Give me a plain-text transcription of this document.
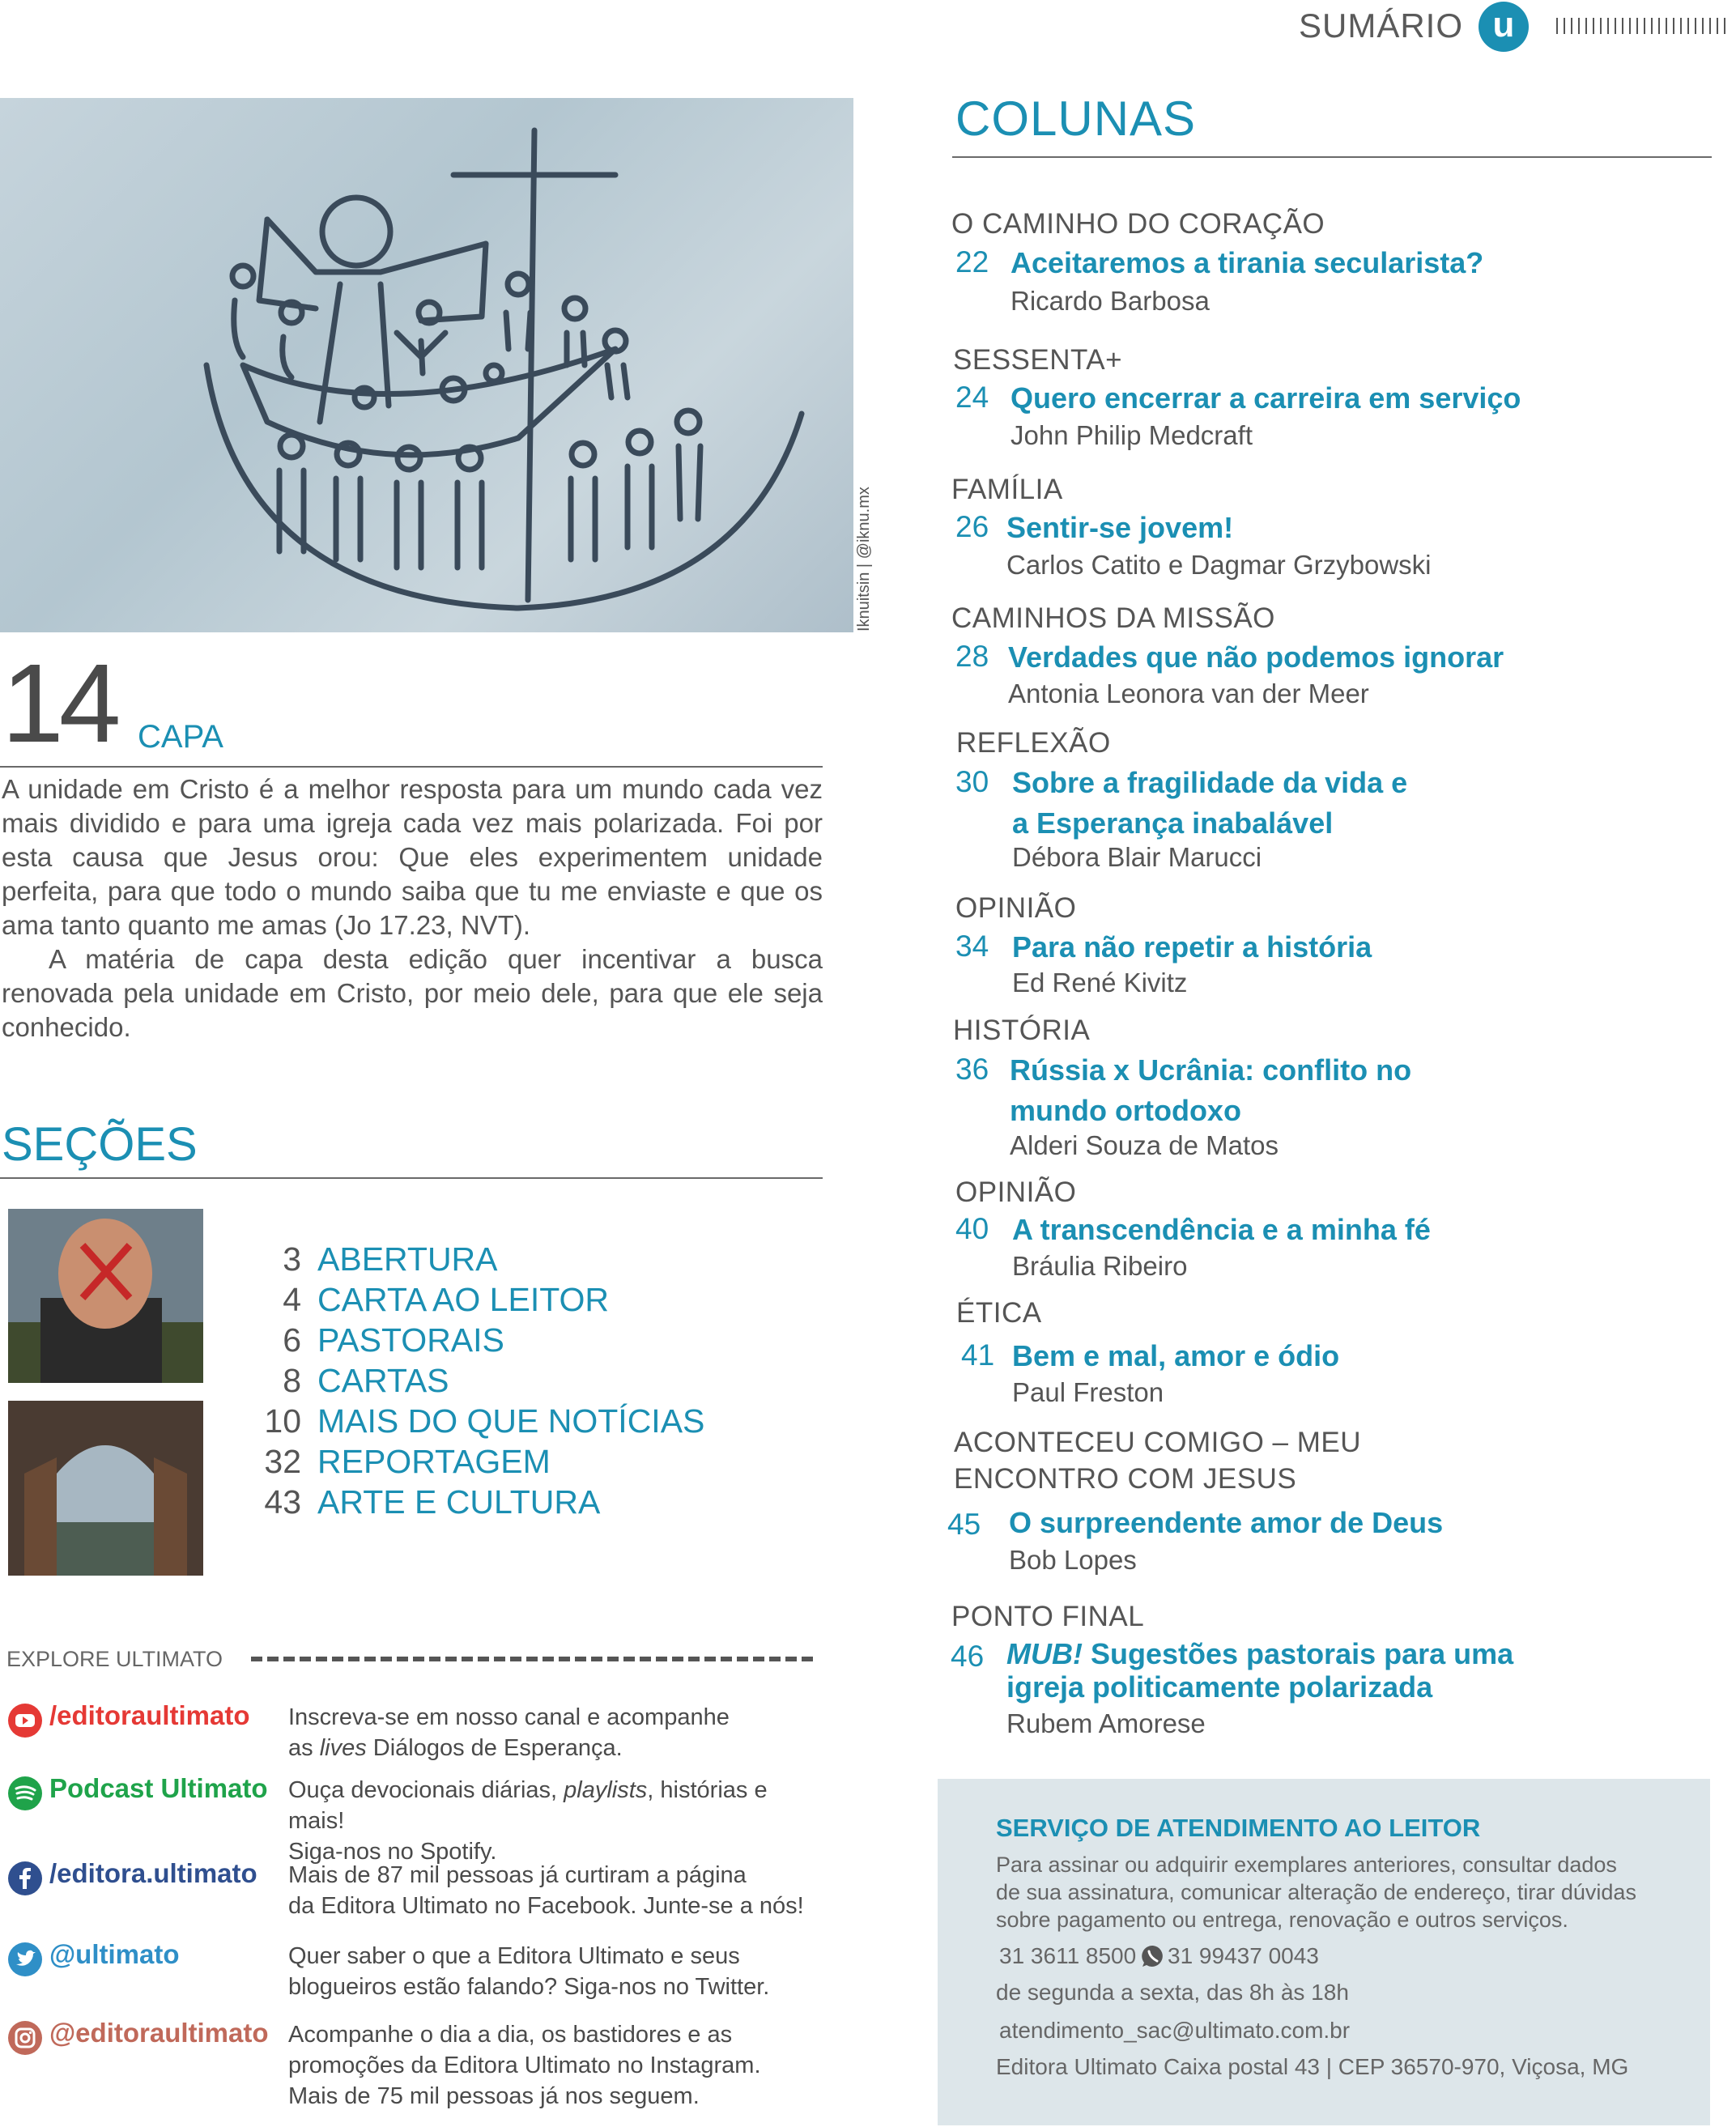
SUMÁRIO u
Iknuitsin | @iknu.mx
14 CAPA

A unidade em Cristo é a melhor resposta para um mundo cada vez mais dividido e para uma igreja cada vez mais polarizada. Foi por esta causa que Jesus orou: Que eles experimentem unidade perfeita, para que todo o mundo saiba que tu me enviaste e que os ama tanto quanto me amas (Jo 17.23, NVT).

A matéria de capa desta edição quer incentivar a busca renovada pela unidade em Cristo, por meio dele, para que ele seja conhecido.

SEÇÕES
3 ABERTURA
4 CARTA AO LEITOR
6 PASTORAIS
8 CARTAS
10 MAIS DO QUE NOTÍCIAS
32 REPORTAGEM
43 ARTE E CULTURA
EXPLORE ULTIMATO
/editoraultimato Inscreva-se em nosso canal e acompanhe
as lives Diálogos de Esperança.
Podcast Ultimato Ouça devocionais diárias, playlists, histórias e mais!
Siga-nos no Spotify.
/editora.ultimato Mais de 87 mil pessoas já curtiram a página
da Editora Ultimato no Facebook. Junte-se a nós!
@ultimato	Quer saber o que a Editora Ultimato e seus
blogueiros estão falando? Siga-nos no Twitter.
@editoraultimato Acompanhe o dia a dia, os bastidores e as
promoções da Editora Ultimato no Instagram.
Mais de 75 mil pessoas já nos seguem.
COLUNAS
O CAMINHO DO CORAÇÃO
22 Aceitaremos a tirania secularista?
Ricardo Barbosa
SESSENTA+
24 Quero encerrar a carreira em serviço
John Philip Medcraft
FAMÍLIA
26 Sentir-se jovem!
Carlos Catito e Dagmar Grzybowski
CAMINHOS DA MISSÃO
28 Verdades que não podemos ignorar
Antonia Leonora van der Meer
REFLEXÃO
30 Sobre a fragilidade da vida e
a Esperança inabalável
Débora Blair Marucci
OPINIÃO
34 Para não repetir a história
Ed René Kivitz
HISTÓRIA
36 Rússia x Ucrânia: conflito no
mundo ortodoxo
Alderi Souza de Matos
OPINIÃO
40 A transcendência e a minha fé
Bráulia Ribeiro
ÉTICA
41 Bem e mal, amor e ódio
Paul Freston
ACONTECEU COMIGO – MEU
ENCONTRO COM JESUS
45 O surpreendente amor de Deus
Bob Lopes
PONTO FINAL
46 MUB! Sugestões pastorais para uma
igreja politicamente polarizada
Rubem Amorese
SERVIÇO DE ATENDIMENTO AO LEITOR
Para assinar ou adquirir exemplares anteriores, consultar dados de sua assinatura, comunicar alteração de endereço, tirar dúvidas sobre pagamento ou entrega, renovação e outros serviços.
31 3611 8500 31 99437 0043
de segunda a sexta, das 8h às 18h
atendimento_sac@ultimato.com.br
Editora Ultimato Caixa postal 43 | CEP 36570-970, Viçosa, MG
